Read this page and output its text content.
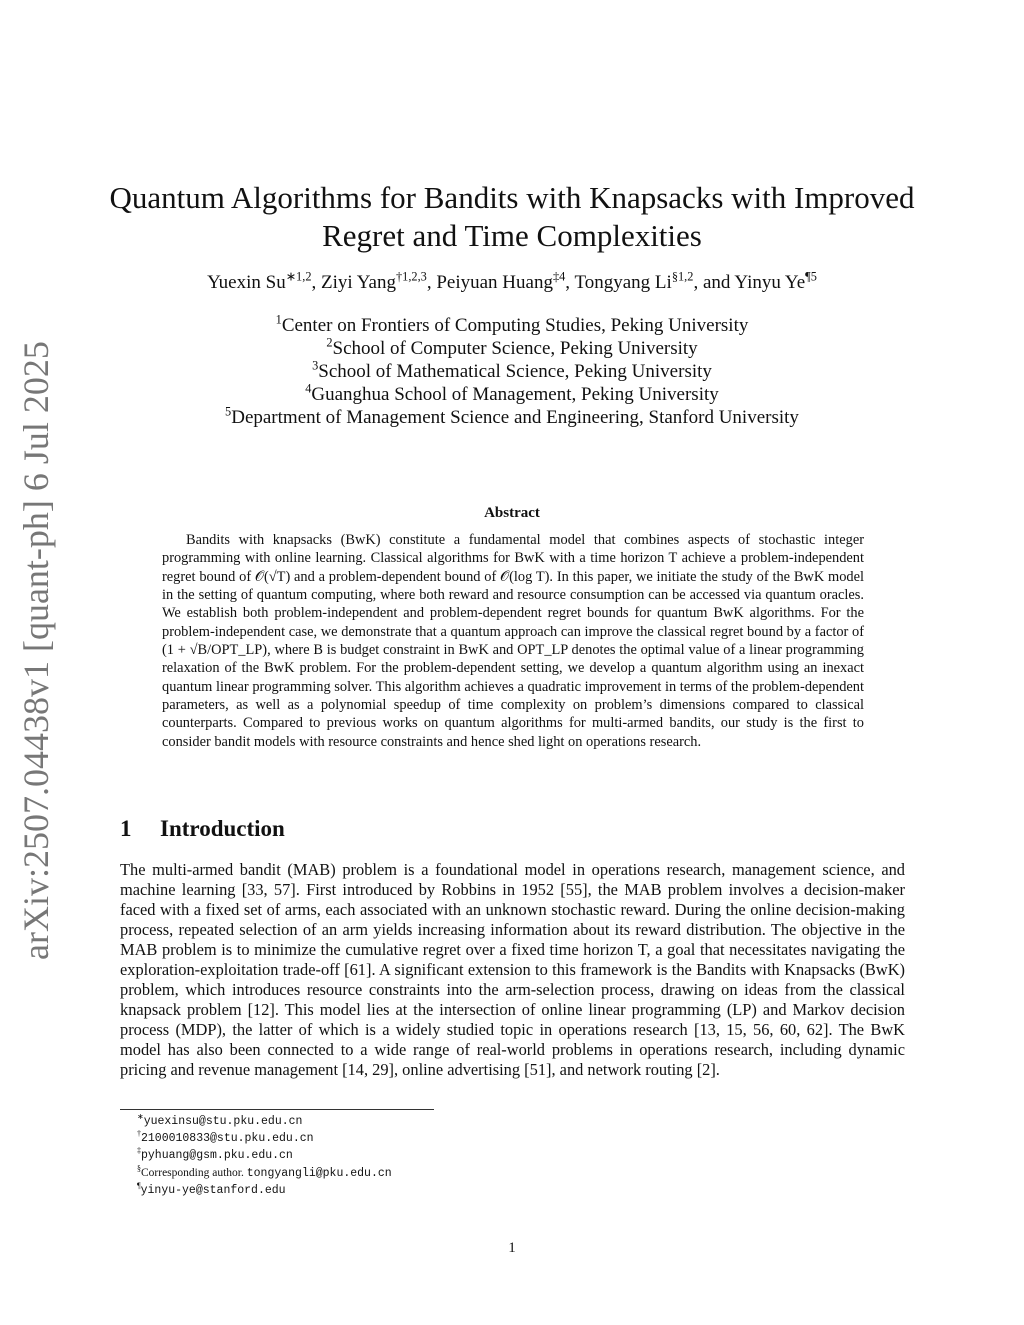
arXiv:2507.04438v1 [quant-ph] 6 Jul 2025
Quantum Algorithms for Bandits with Knapsacks with Improved
Regret and Time Complexities
Yuexin $Su^{∗1,2}$, Ziyi Yang$^{\dagger 1,2,3}$, Peiyuan Huang$^{\ddagger 4}$, Tongyang Li$^{\S 1,2}$, and Yinyu Ye$^{\P 5}$
$^1$Center on Frontiers of Computing Studies, Peking University
$^2$School of Computer Science, Peking University
$^3$School of Mathematical Science, Peking University
$^4$Guanghua School of Management, Peking University
$^5$Department of Management Science and Engineering, Stanford University
Abstract

Bandits with knapsacks (BwK) constitute a fundamental model that combines aspects of stochastic integer programming with online learning. Classical algorithms for BwK with a time horizon T achieve a problem-independent regret bound of 𝒪(√T) and a problem-dependent bound of 𝒪(log T). In this paper, we initiate the study of the BwK model in the setting of quantum computing, where both reward and resource consumption can be accessed via quantum oracles. We establish both problem-independent and problem-dependent regret bounds for quantum BwK algorithms. For the problem-independent case, we demonstrate that a quantum approach can improve the classical regret bound by a factor of (1 + √B/OPT_LP), where B is budget constraint in BwK and OPT_LP denotes the optimal value of a linear programming relaxation of the BwK problem. For the problem-dependent setting, we develop a quantum algorithm using an inexact quantum linear programming solver. This algorithm achieves a quadratic improvement in terms of the problem-dependent parameters, as well as a polynomial speedup of time complexity on problem’s dimensions compared to classical counterparts. Compared to previous works on quantum algorithms for multi-armed bandits, our study is the first to consider bandit models with resource constraints and hence shed light on operations research.

1 Introduction

The multi-armed bandit (MAB) problem is a foundational model in operations research, management science, and machine learning [33, 57]. First introduced by Robbins in 1952 [55], the MAB problem involves a decision-maker faced with a fixed set of arms, each associated with an unknown stochastic reward. During the online decision-making process, repeated selection of an arm yields increasing information about its reward distribution. The objective in the MAB problem is to minimize the cumulative regret over a fixed time horizon T, a goal that necessitates navigating the exploration-exploitation trade-off [61]. A significant extension to this framework is the Bandits with Knapsacks (BwK) problem, which introduces resource constraints into the arm-selection process, drawing on ideas from the classical knapsack problem [12]. This model lies at the intersection of online linear programming (LP) and Markov decision process (MDP), the latter of which is a widely studied topic in operations research [13, 15, 56, 60, 62]. The BwK model has also been connected to a wide range of real-world problems in operations research, including dynamic pricing and revenue management [14, 29], online advertising [51], and network routing [2].

∗yuexinsu@stu.pku.edu.cn
†2100010833@stu.pku.edu.cn
‡pyhuang@gsm.pku.edu.cn
§Corresponding author. tongyangli@pku.edu.cn
¶yinyu-ye@stanford.edu
1
